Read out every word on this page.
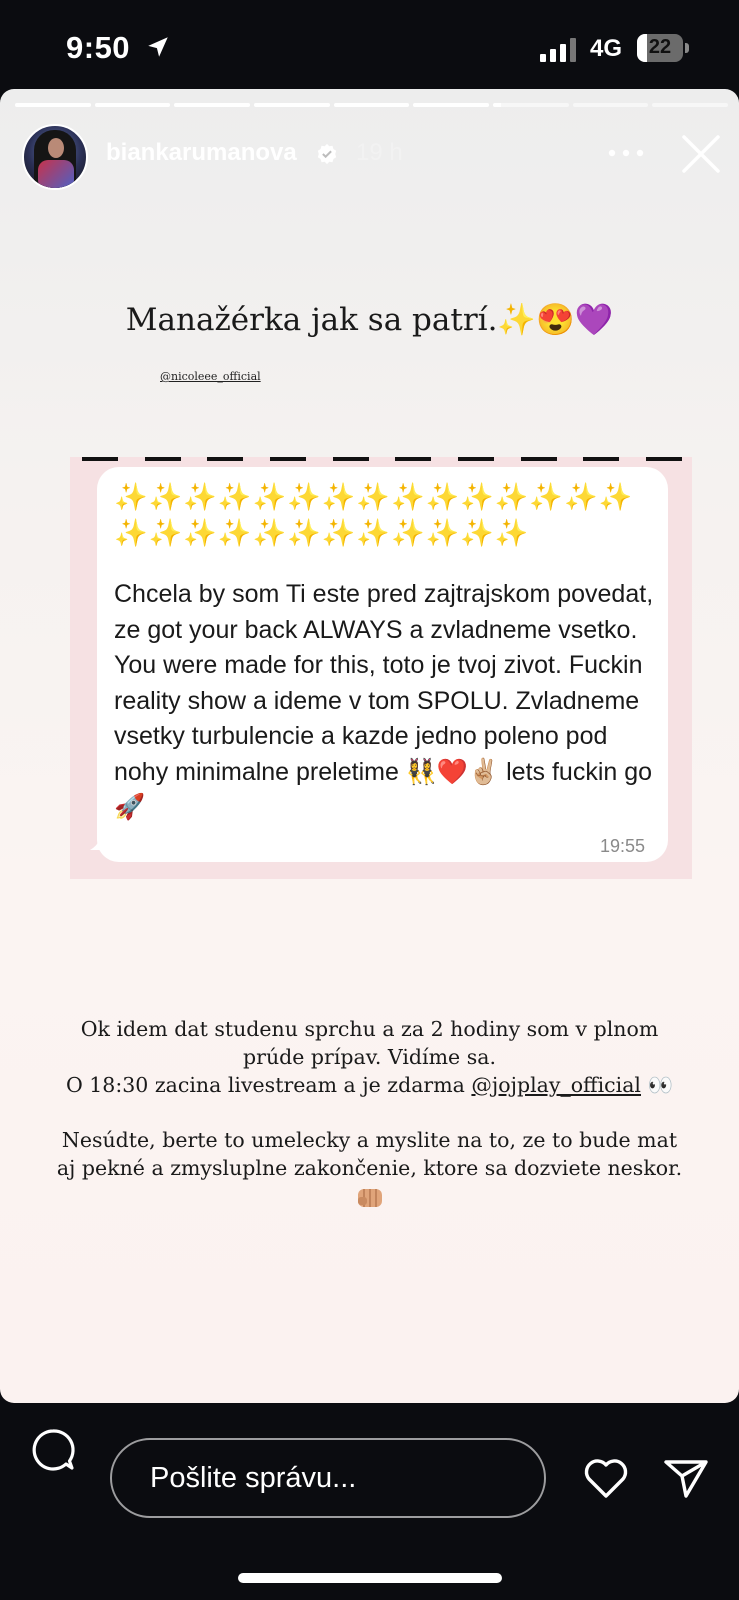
9:50	4G	22
biankarumanova 19 h
Manažérka jak sa patrí.✨😍💜
@nicoleee_official
✨✨✨✨✨✨✨✨✨✨✨✨✨✨✨✨✨✨✨✨✨✨✨✨✨✨✨
Chcela by som Ti este pred zajtrajskom povedat, ze got your back ALWAYS a zvladneme vsetko. You were made for this, toto je tvoj zivot. Fuckin reality show a ideme v tom SPOLU. Zvladneme vsetky turbulencie a kazde jedno poleno pod nohy minimalne preletime 👯‍♀️❤️✌🏼 lets fuckin go 🚀
19:55
Ok idem dat studenu sprchu a za 2 hodiny som v plnom
prúde prípav. Vidíme sa.
O 18:30 zacina livestream a je zdarma @jojplay_official 👀
Nesúdte, berte to umelecky a myslite na to, ze to bude mat
aj pekné a zmysluplne zakončenie, ktore sa dozviete neskor.
Pošlite správu...
